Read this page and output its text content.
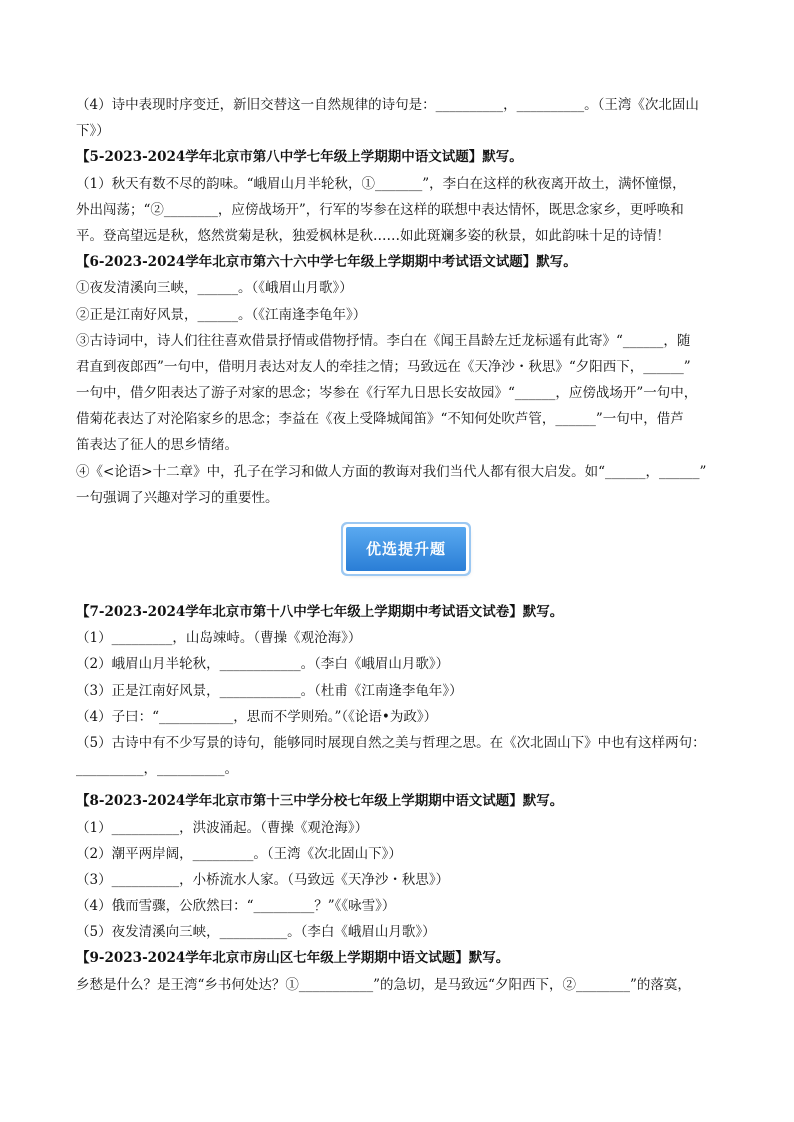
（4）诗中表现时序变迁，新旧交替这一自然规律的诗句是：__________，__________。（王湾《次北固山
下》）
【5-2023-2024学年北京市第八中学七年级上学期期中语文试题】默写。
（1）秋天有数不尽的韵味。“峨眉山月半轮秋，①_______”，李白在这样的秋夜离开故土，满怀憧憬，
外出闯荡；“②________，应傍战场开”，行军的岑参在这样的联想中表达情怀，既思念家乡，更呼唤和
平。登高望远是秋，悠然赏菊是秋，独爱枫林是秋……如此斑斓多姿的秋景，如此韵味十足的诗情！
【6-2023-2024学年北京市第六十六中学七年级上学期期中考试语文试题】默写。
①夜发清溪向三峡，______。（《峨眉山月歌》）
②正是江南好风景，______。（《江南逢李龟年》）
③古诗词中，诗人们往往喜欢借景抒情或借物抒情。李白在《闻王昌龄左迁龙标遥有此寄》“______，随
君直到夜郎西”一句中，借明月表达对友人的牵挂之情；马致远在《天净沙・秋思》“夕阳西下，______”
一句中，借夕阳表达了游子对家的思念；岑参在《行军九日思长安故园》“______，应傍战场开”一句中，
借菊花表达了对沦陷家乡的思念；李益在《夜上受降城闻笛》“不知何处吹芦管，______”一句中，借芦
笛表达了征人的思乡情绪。
④《<论语>十二章》中，孔子在学习和做人方面的教诲对我们当代人都有很大启发。如“______，______”
一句强调了兴趣对学习的重要性。
优选提升题
【7-2023-2024学年北京市第十八中学七年级上学期期中考试语文试卷】默写。
（1）_________，山岛竦峙。（曹操《观沧海》）
（2）峨眉山月半轮秋，____________。（李白《峨眉山月歌》）
（3）正是江南好风景，____________。（杜甫《江南逢李龟年》）
（4）子曰：“___________，思而不学则殆。”（《论语•为政》）
（5）古诗中有不少写景的诗句，能够同时展现自然之美与哲理之思。在《次北固山下》中也有这样两句：
__________，__________。
【8-2023-2024学年北京市第十三中学分校七年级上学期期中语文试题】默写。
（1）__________，洪波涌起。（曹操《观沧海》）
（2）潮平两岸阔，_________。（王湾《次北固山下》）
（3）__________，小桥流水人家。（马致远《天净沙・秋思》）
（4）俄而雪骤，公欣然曰：“_________？”《《咏雪》）
（5）夜发清溪向三峡，__________。（李白《峨眉山月歌》）
【9-2023-2024学年北京市房山区七年级上学期期中语文试题】默写。
乡愁是什么？是王湾“乡书何处达？①___________”的急切，是马致远“夕阳西下，②________”的落寞，
